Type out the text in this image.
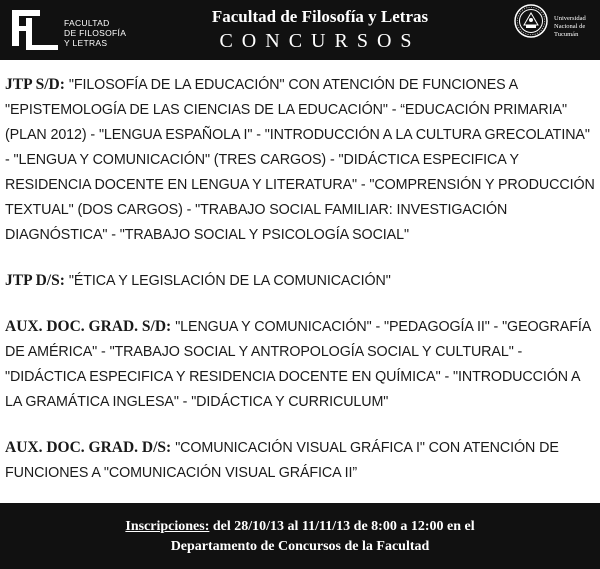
FACULTAD
DE FILOSOFÍA
Y LETRAS
Facultad de Filosofía y Letras
CONCURSOS
Universidad
Nacional de
Tucumán

JTP S/D: "FILOSOFÍA DE LA EDUCACIÓN" CON ATENCIÓN DE FUNCIONES A "EPISTEMOLOGÍA DE LAS CIENCIAS DE LA EDUCACIÓN" - “EDUCACIÓN PRIMARIA" (PLAN 2012) - "LENGUA ESPAÑOLA I" - "INTRODUCCIÓN A LA CULTURA GRECOLATINA" - "LENGUA Y COMUNICACIÓN" (TRES CARGOS) - "DIDÁCTICA ESPECIFICA Y RESIDENCIA DOCENTE EN LENGUA Y LITERATURA" - "COMPRENSIÓN Y PRODUCCIÓN TEXTUAL" (DOS CARGOS) - "TRABAJO SOCIAL FAMILIAR: INVESTIGACIÓN DIAGNÓSTICA" - "TRABAJO SOCIAL Y PSICOLOGÍA SOCIAL"

JTP D/S: "ÉTICA Y LEGISLACIÓN DE LA COMUNICACIÓN"

AUX. DOC. GRAD. S/D: "LENGUA Y COMUNICACIÓN" - "PEDAGOGÍA II" - "GEOGRAFÍA DE AMÉRICA" - "TRABAJO SOCIAL Y ANTROPOLOGÍA SOCIAL Y CULTURAL" - "DIDÁCTICA ESPECIFICA Y RESIDENCIA DOCENTE EN QUÍMICA" - "INTRODUCCIÓN A LA GRAMÁTICA INGLESA" - "DIDÁCTICA Y CURRICULUM"

AUX. DOC. GRAD. D/S: "COMUNICACIÓN VISUAL GRÁFICA I" CON ATENCIÓN DE FUNCIONES A "COMUNICACIÓN VISUAL GRÁFICA II”

Inscripciones: del 28/10/13 al 11/11/13 de 8:00 a 12:00 en el
Departamento de Concursos de la Facultad
